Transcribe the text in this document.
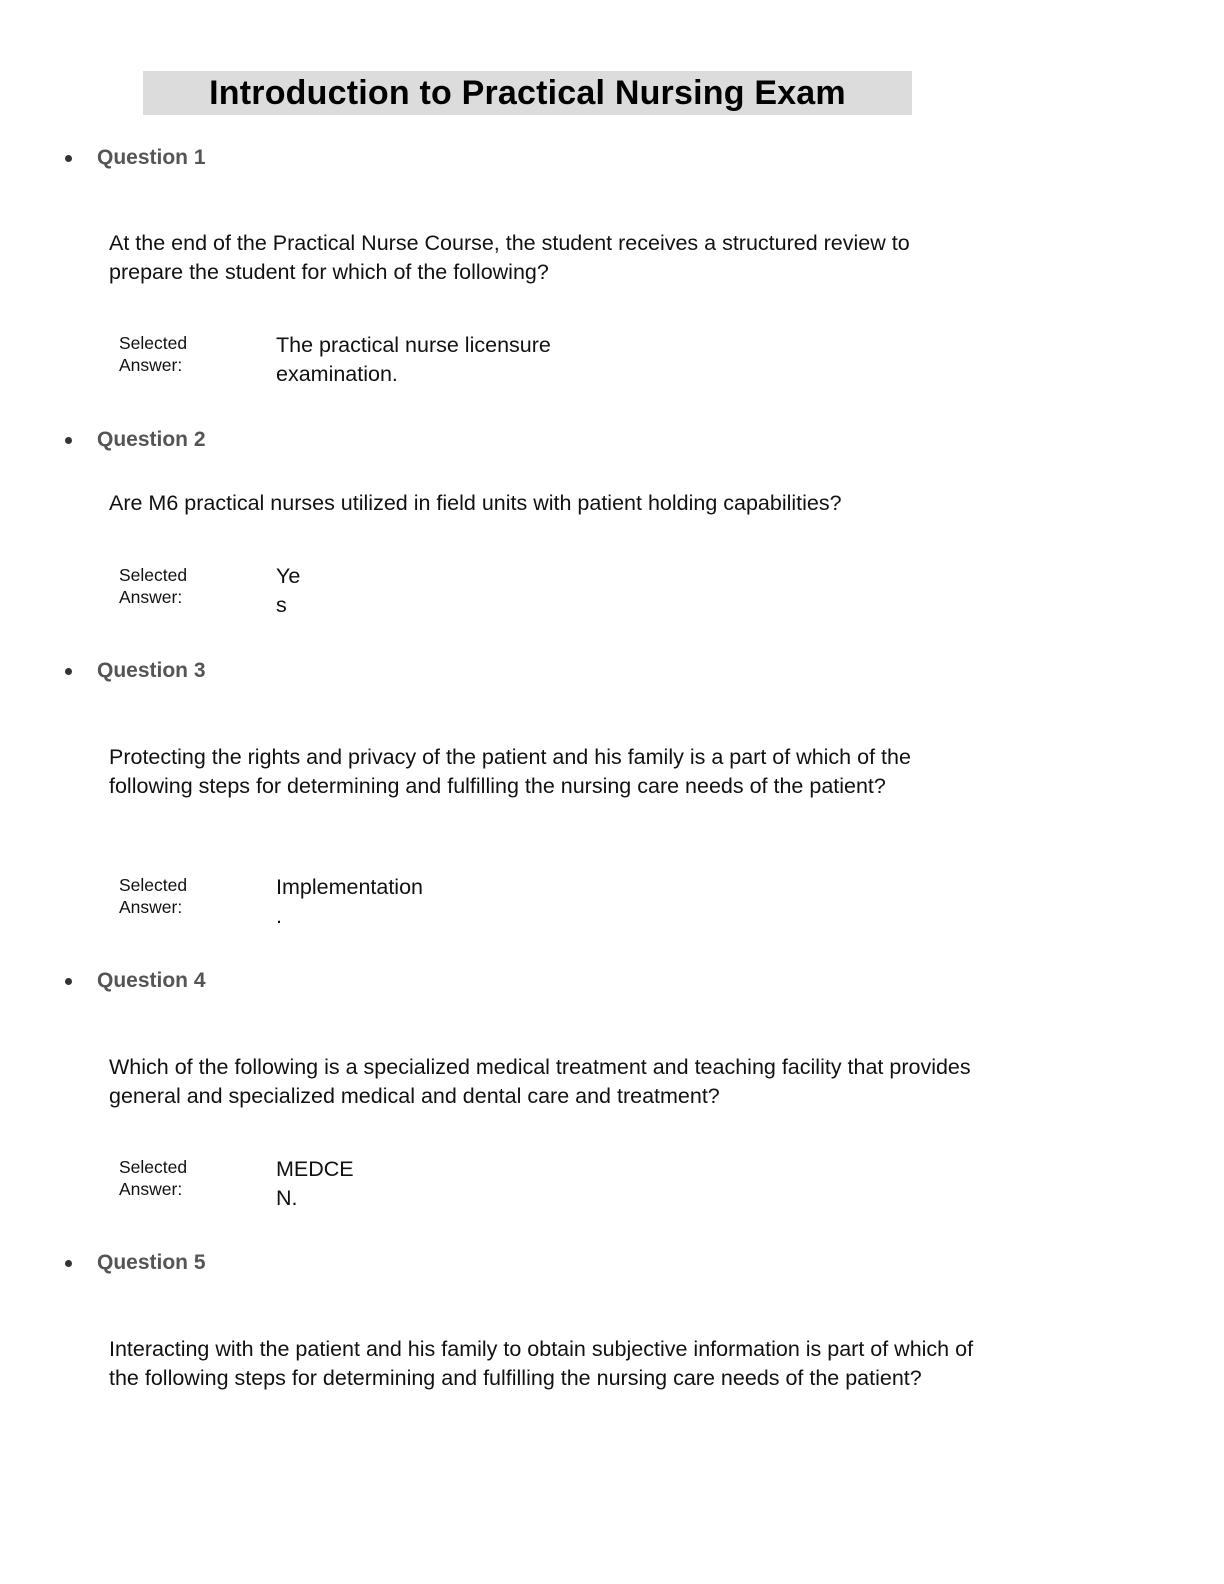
Introduction to Practical Nursing Exam
Question 1
At the end of the Practical Nurse Course, the student receives a structured review to prepare the student for which of the following?
Selected Answer:
The practical nurse licensure
examination.
Question 2
Are M6 practical nurses utilized in field units with patient holding capabilities?
Selected Answer:
Ye
s
Question 3
Protecting the rights and privacy of the patient and his family is a part of which of the following steps for determining and fulfilling the nursing care needs of the patient?
Selected Answer:
Implementation
.
Question 4
Which of the following is a specialized medical treatment and teaching facility that provides general and specialized medical and dental care and treatment?
Selected Answer:
MEDCE
N.
Question 5
Interacting with the patient and his family to obtain subjective information is part of which of the following steps for determining and fulfilling the nursing care needs of the patient?
